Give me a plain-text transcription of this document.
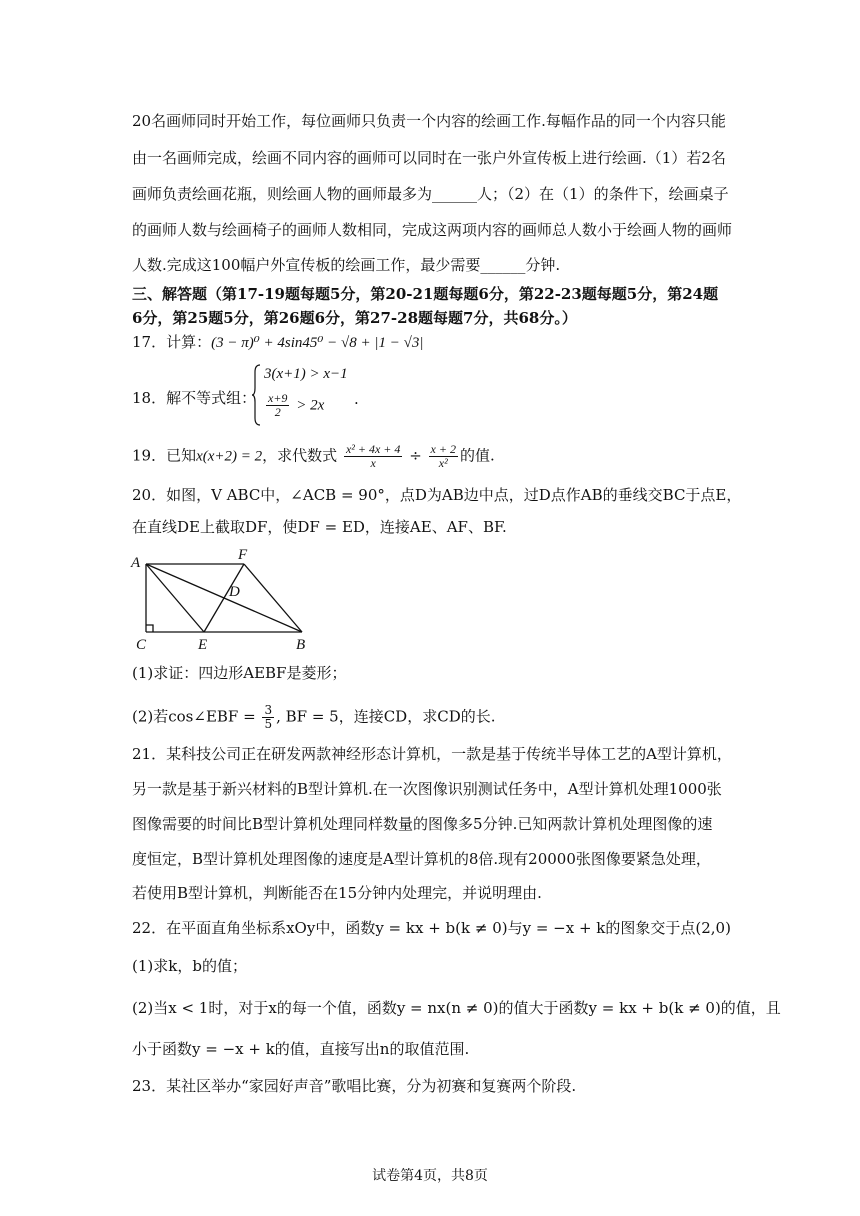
20名画师同时开始工作，每位画师只负责一个内容的绘画工作.每幅作品的同一个内容只能
由一名画师完成，绘画不同内容的画师可以同时在一张户外宣传板上进行绘画.（1）若2名
画师负责绘画花瓶，则绘画人物的画师最多为______人；（2）在（1）的条件下，绘画桌子
的画师人数与绘画椅子的画师人数相同，完成这两项内容的画师总人数小于绘画人物的画师
人数.完成这100幅户外宣传板的绘画工作，最少需要______分钟.
三、解答题（第17-19题每题5分，第20-21题每题6分，第22-23题每题5分，第24题
6分，第25题5分，第26题6分，第27-28题每题7分，共68分。）
17．计算：(3 − π)⁰ + 4sin45⁰ − √8 + |1 − √3|
18．解不等式组：
3(x+1) > x−1
$\frac{x+9}{2} > 2x$ .
19．已知x(x+2) = 2，求代数式 $\frac{\text{x² + 4x + 4}}{x} \div \frac{x + 2}{\text{x²}}$ 的值.
20．如图，V ABC中，∠ACB = 90°，点D为AB边中点，过D点作AB的垂线交BC于点E，
在直线DE上截取DF，使DF = ED，连接AE、AF、BF.
A	F
D
C	E	B
(1)求证：四边形AEBF是菱形；
(2)若cos∠EBF = $\frac{3}{5}$ , BF = 5，连接CD，求CD的长.
21．某科技公司正在研发两款神经形态计算机，一款是基于传统半导体工艺的A型计算机，
另一款是基于新兴材料的B型计算机.在一次图像识别测试任务中，A型计算机处理1000张
图像需要的时间比B型计算机处理同样数量的图像多5分钟.已知两款计算机处理图像的速
度恒定，B型计算机处理图像的速度是A型计算机的8倍.现有20000张图像要紧急处理，
若使用B型计算机，判断能否在15分钟内处理完，并说明理由.
22．在平面直角坐标系xOy中，函数y = kx + b(k ≠ 0)与y = −x + k的图象交于点(2,0)
(1)求k，b的值；
(2)当x < 1时，对于x的每一个值，函数y = nx(n ≠ 0)的值大于函数y = kx + b(k ≠ 0)的值，且
小于函数y = −x + k的值，直接写出n的取值范围.
23．某社区举办“家园好声音”歌唱比赛，分为初赛和复赛两个阶段.
试卷第4页，共8页
